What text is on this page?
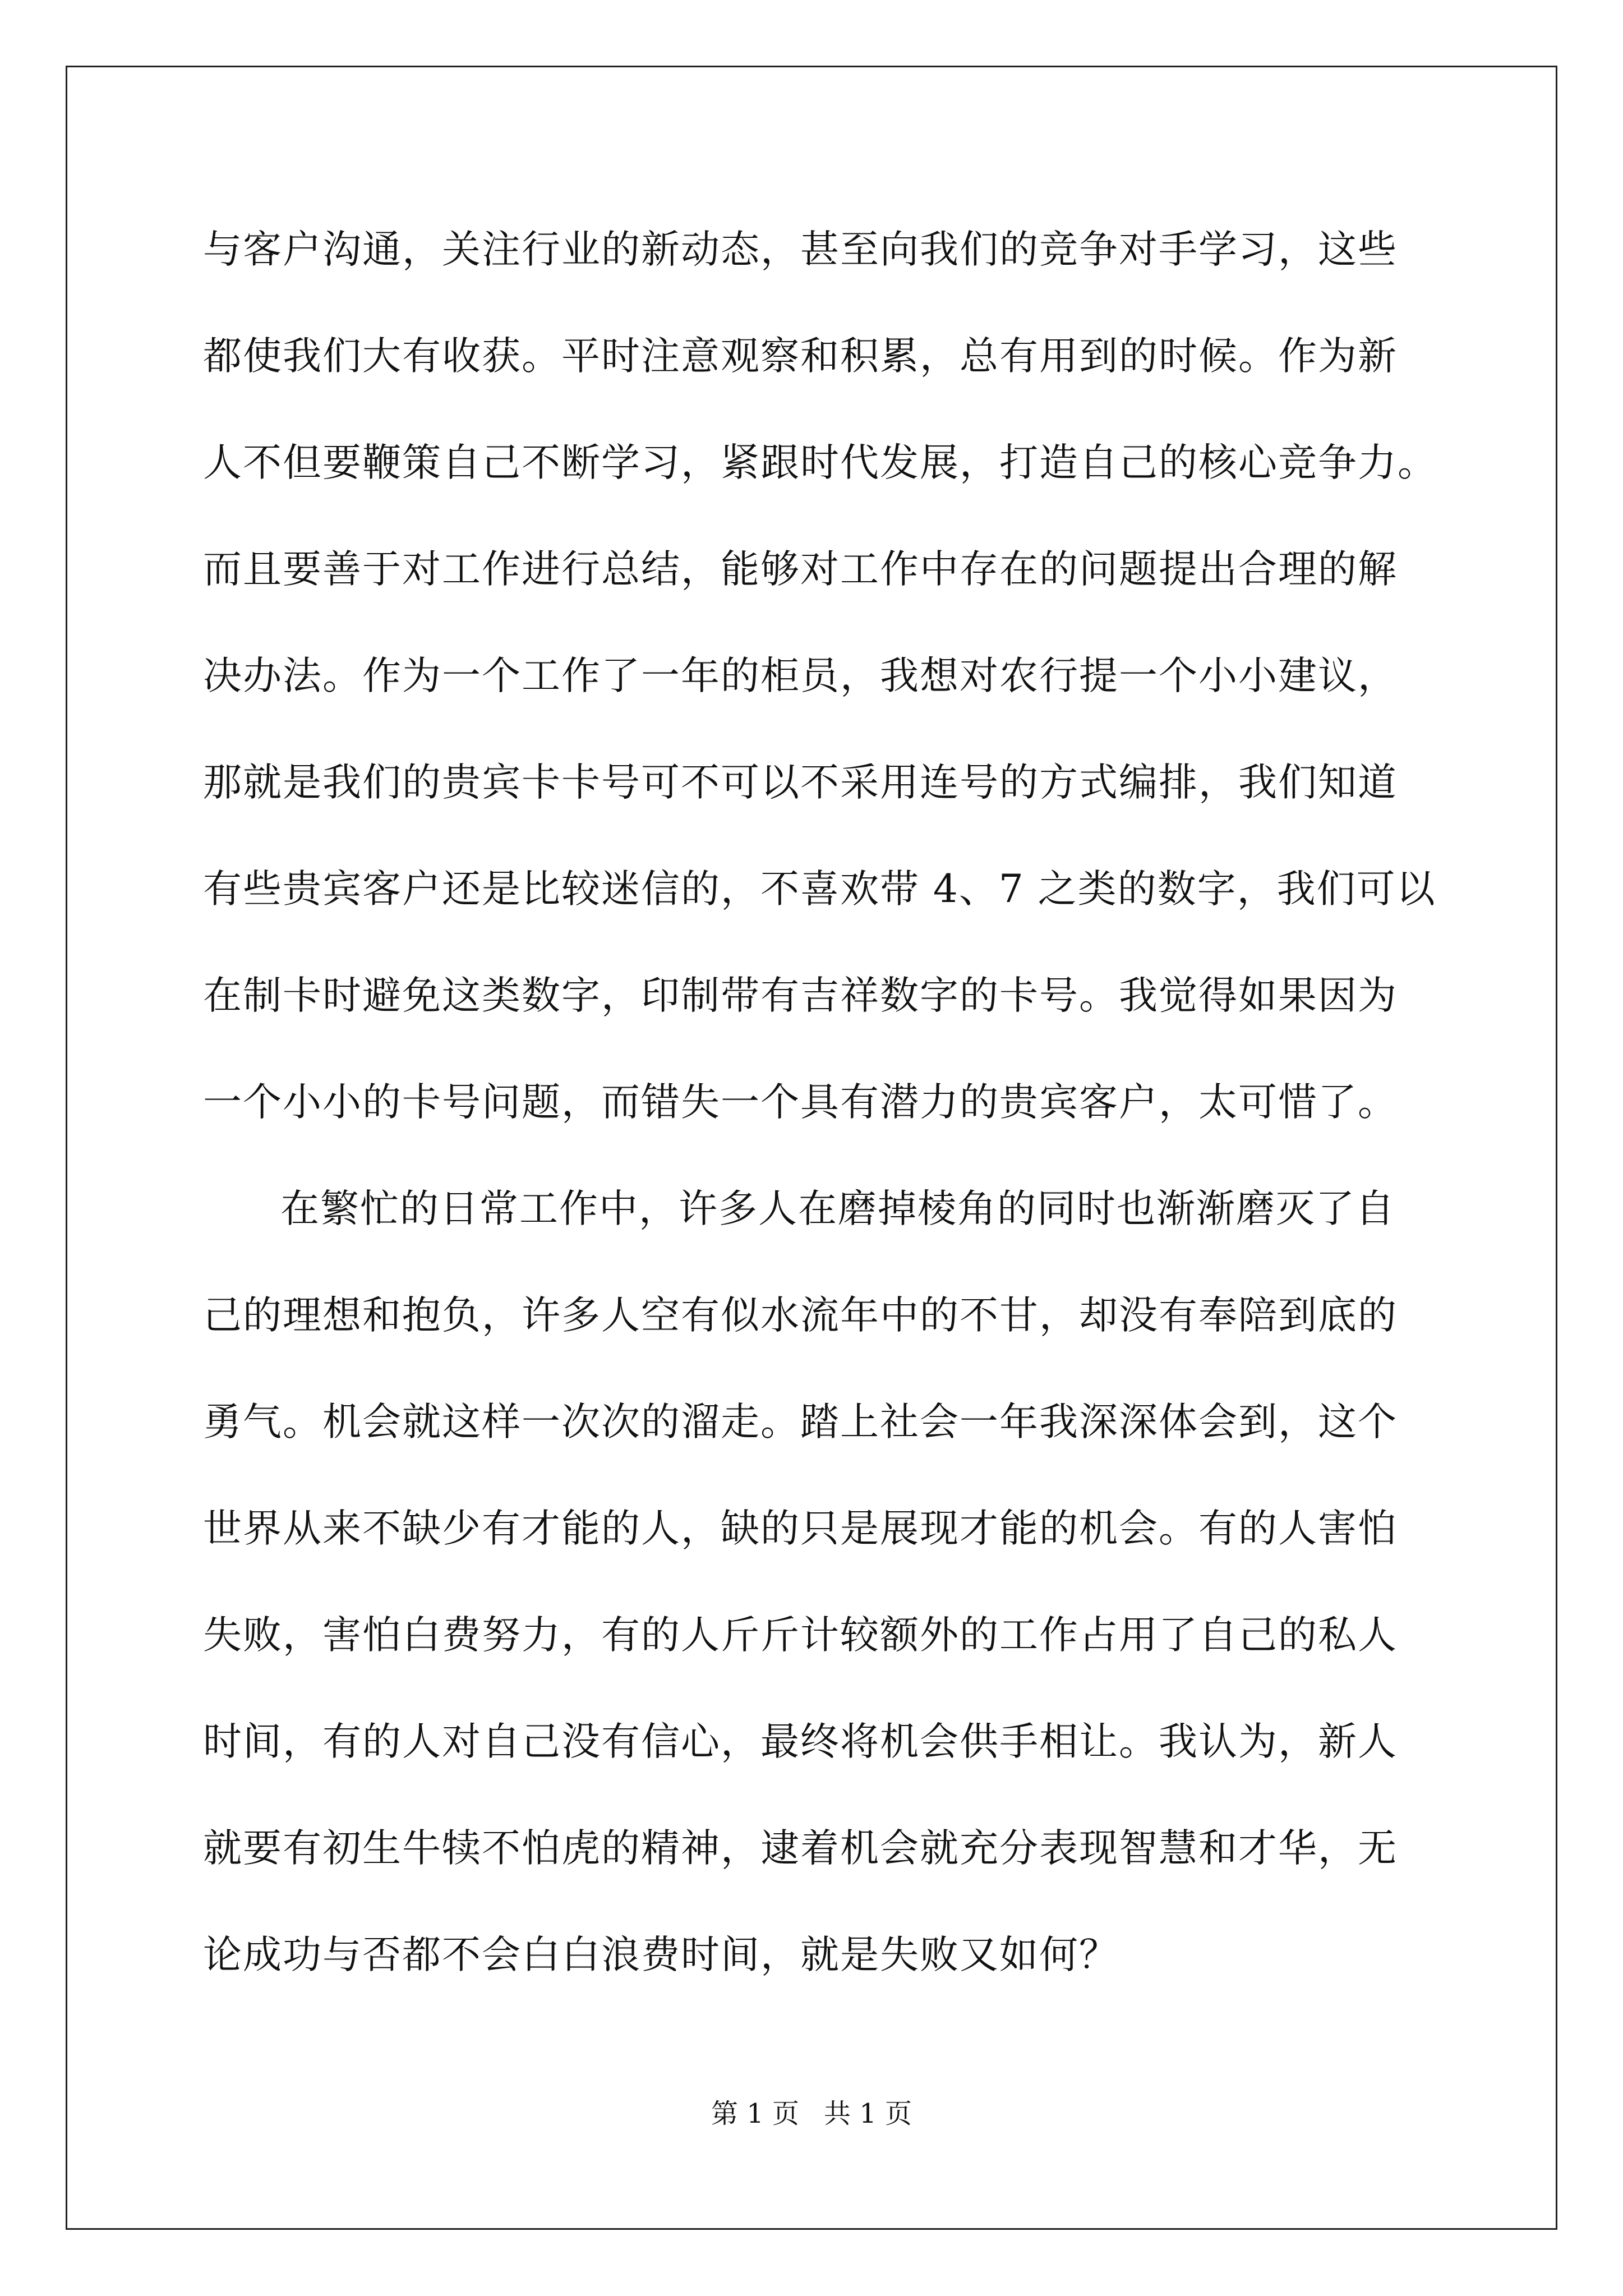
与客户沟通，关注行业的新动态，甚至向我们的竞争对手学习，这些
都使我们大有收获。平时注意观察和积累，总有用到的时候。作为新
人不但要鞭策自己不断学习，紧跟时代发展，打造自己的核心竞争力。
而且要善于对工作进行总结，能够对工作中存在的问题提出合理的解
决办法。作为一个工作了一年的柜员，我想对农行提一个小小建议，
那就是我们的贵宾卡卡号可不可以不采用连号的方式编排，我们知道
有些贵宾客户还是比较迷信的，不喜欢带 4、7 之类的数字，我们可以
在制卡时避免这类数字，印制带有吉祥数字的卡号。我觉得如果因为
一个小小的卡号问题，而错失一个具有潜力的贵宾客户，太可惜了。
在繁忙的日常工作中，许多人在磨掉棱角的同时也渐渐磨灭了自
己的理想和抱负，许多人空有似水流年中的不甘，却没有奉陪到底的
勇气。机会就这样一次次的溜走。踏上社会一年我深深体会到，这个
世界从来不缺少有才能的人，缺的只是展现才能的机会。有的人害怕
失败，害怕白费努力，有的人斤斤计较额外的工作占用了自己的私人
时间，有的人对自己没有信心，最终将机会供手相让。我认为，新人
就要有初生牛犊不怕虎的精神，逮着机会就充分表现智慧和才华，无
论成功与否都不会白白浪费时间，就是失败又如何？
第 1 页 共 1 页
